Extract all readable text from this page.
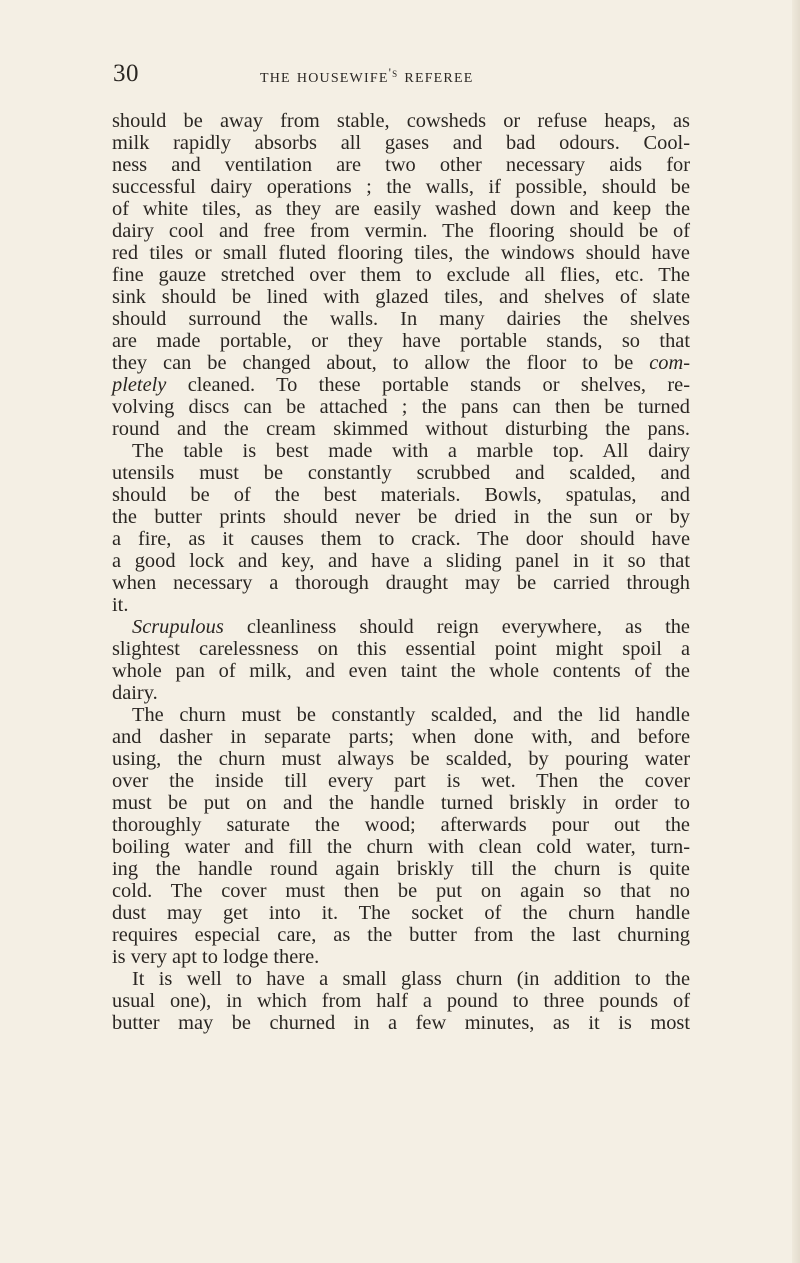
30	the housewife$^{'s}$ referee
should be away from stable, cowsheds or refuse heaps, as
milk rapidly absorbs all gases and bad odours. Cool-
ness and ventilation are two other necessary aids for
successful dairy operations ; the walls, if possible, should be
of white tiles, as they are easily washed down and keep the
dairy cool and free from vermin. The flooring should be of
red tiles or small fluted flooring tiles, the windows should have
fine gauze stretched over them to exclude all flies, etc. The
sink should be lined with glazed tiles, and shelves of slate
should surround the walls. In many dairies the shelves
are made portable, or they have portable stands, so that
they can be changed about, to allow the floor to be com-
pletely cleaned. To these portable stands or shelves, re-
volving discs can be attached ; the pans can then be turned
round and the cream skimmed without disturbing the pans.
The table is best made with a marble top. All dairy
utensils must be constantly scrubbed and scalded, and
should be of the best materials. Bowls, spatulas, and
the butter prints should never be dried in the sun or by
a fire, as it causes them to crack. The door should have
a good lock and key, and have a sliding panel in it so that
when necessary a thorough draught may be carried through
it.
Scrupulous cleanliness should reign everywhere, as the
slightest carelessness on this essential point might spoil a
whole pan of milk, and even taint the whole contents of the
dairy.
The churn must be constantly scalded, and the lid handle
and dasher in separate parts; when done with, and before
using, the churn must always be scalded, by pouring water
over the inside till every part is wet. Then the cover
must be put on and the handle turned briskly in order to
thoroughly saturate the wood; afterwards pour out the
boiling water and fill the churn with clean cold water, turn-
ing the handle round again briskly till the churn is quite
cold. The cover must then be put on again so that no
dust may get into it. The socket of the churn handle
requires especial care, as the butter from the last churning
is very apt to lodge there.
It is well to have a small glass churn (in addition to the
usual one), in which from half a pound to three pounds of
butter may be churned in a few minutes, as it is most
